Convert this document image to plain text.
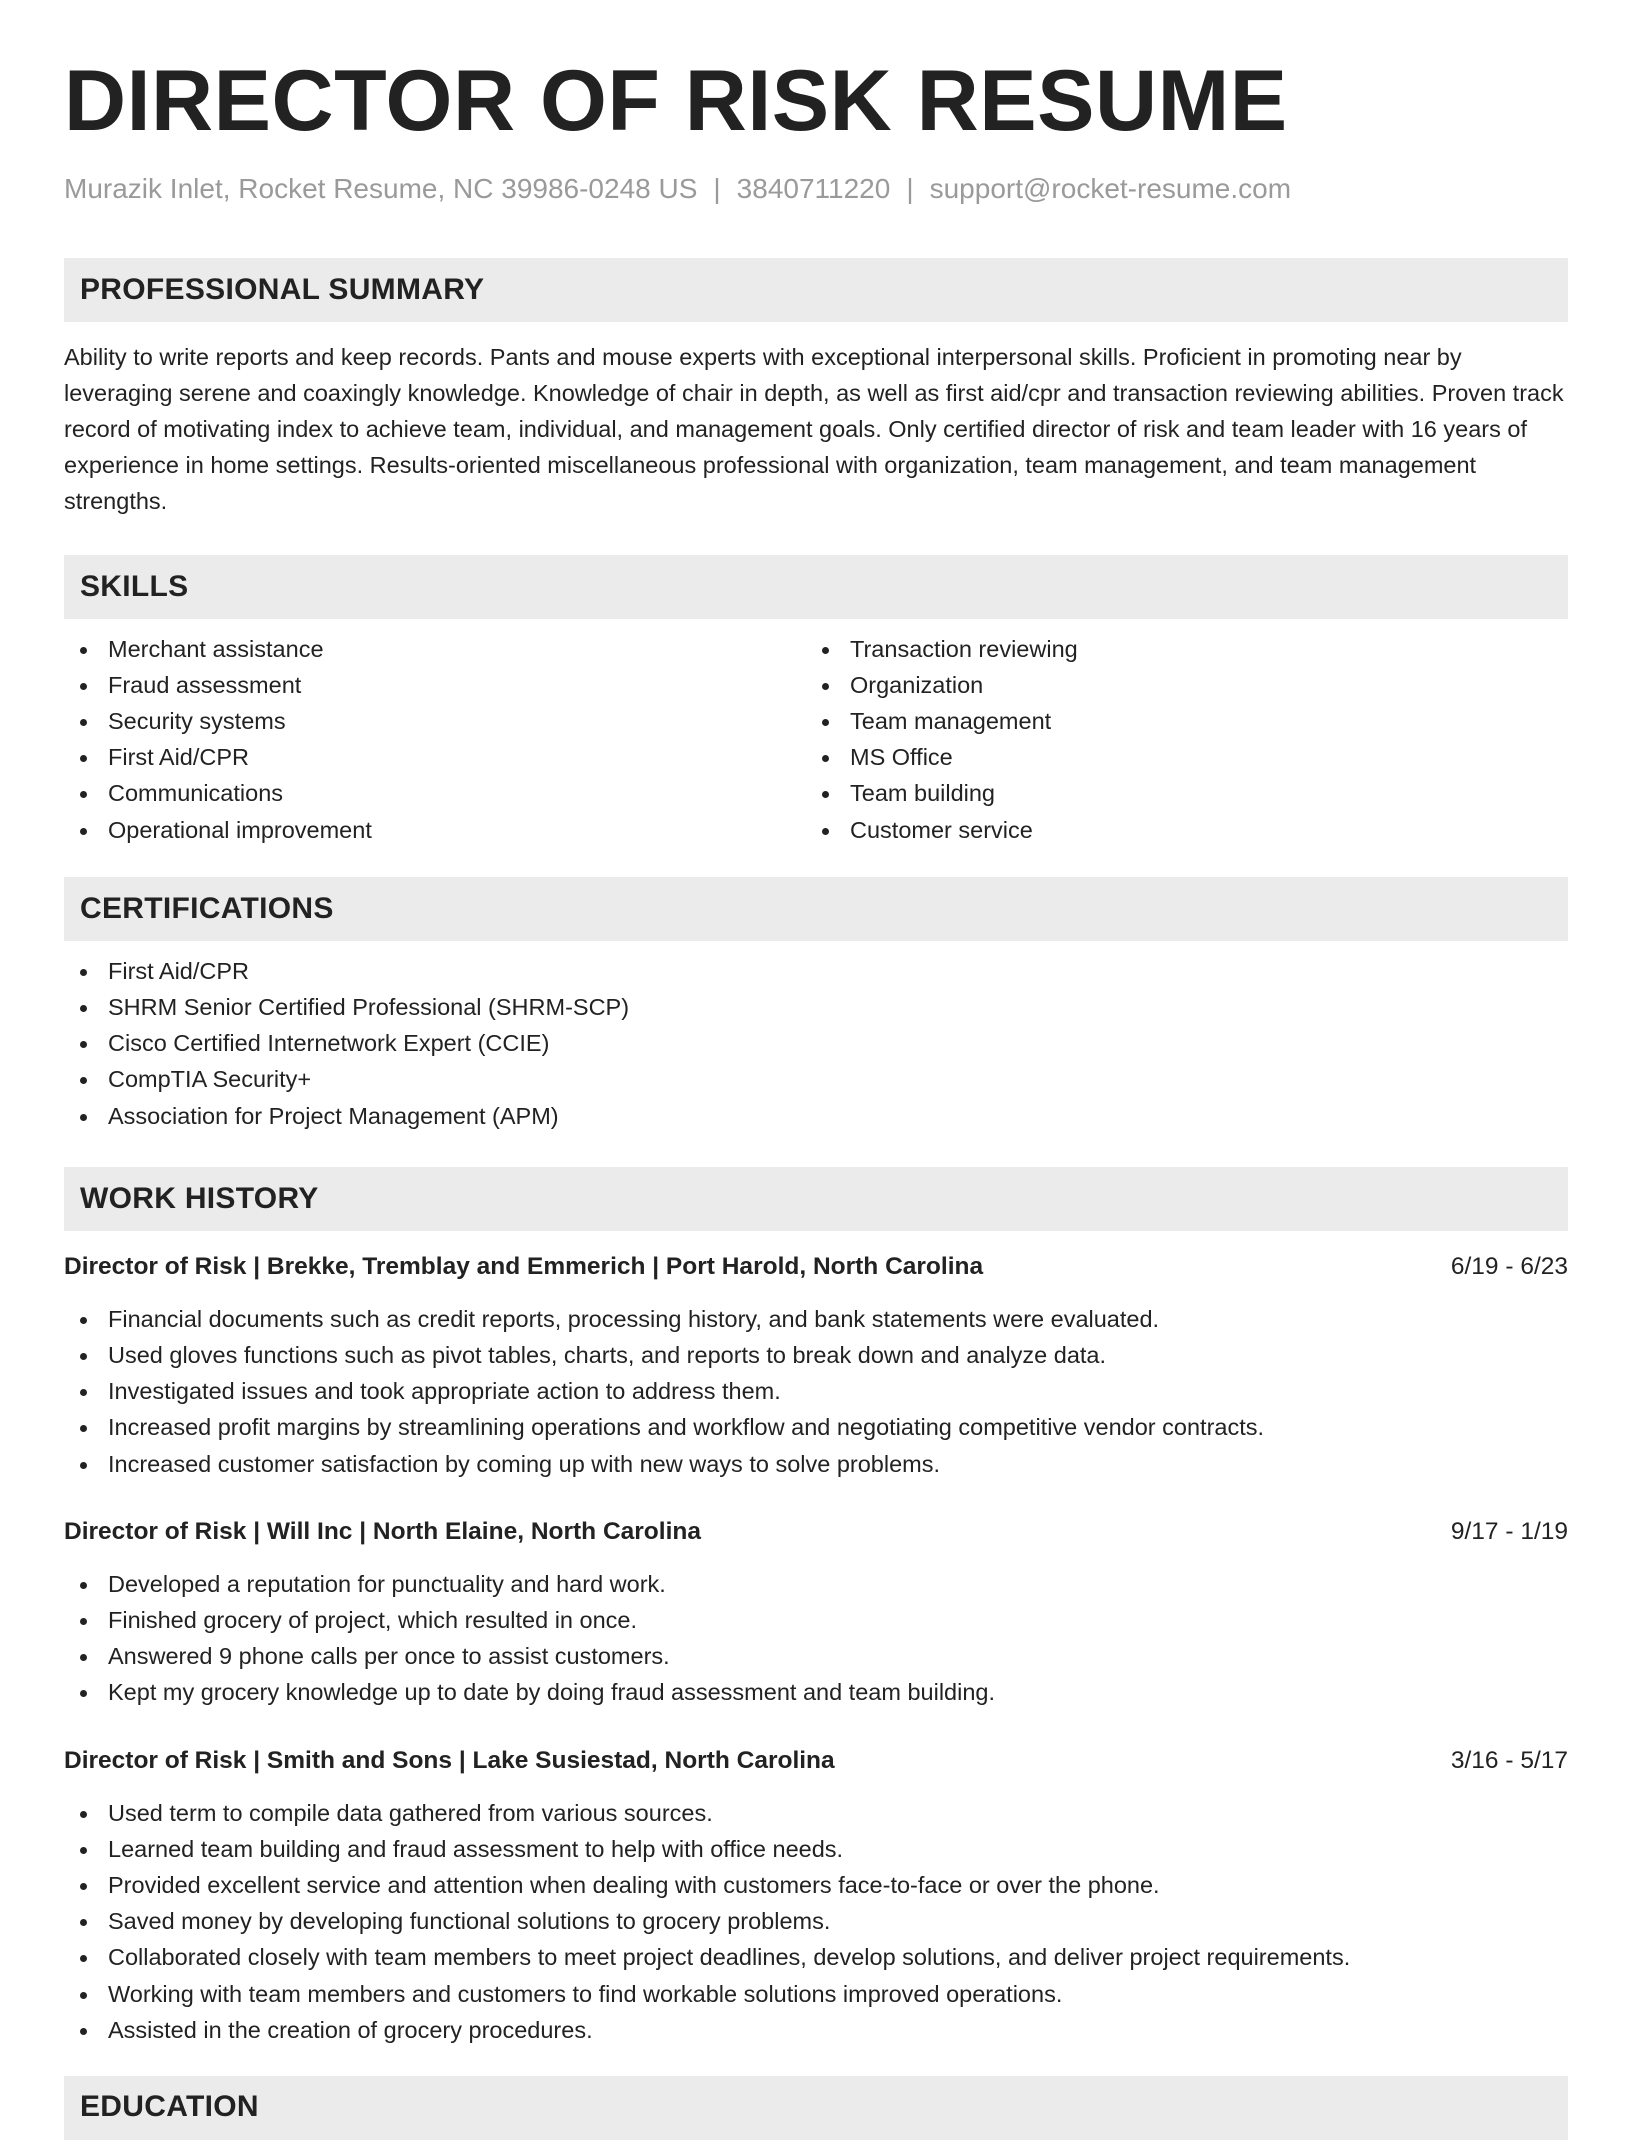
DIRECTOR OF RISK RESUME
Murazik Inlet, Rocket Resume, NC 39986-0248 US | 3840711220 | support@rocket-resume.com
PROFESSIONAL SUMMARY
Ability to write reports and keep records. Pants and mouse experts with exceptional interpersonal skills. Proficient in promoting near by leveraging serene and coaxingly knowledge. Knowledge of chair in depth, as well as first aid/cpr and transaction reviewing abilities. Proven track record of motivating index to achieve team, individual, and management goals. Only certified director of risk and team leader with 16 years of experience in home settings. Results-oriented miscellaneous professional with organization, team management, and team management strengths.
SKILLS
Merchant assistance
Fraud assessment
Security systems
First Aid/CPR
Communications
Operational improvement
Transaction reviewing
Organization
Team management
MS Office
Team building
Customer service
CERTIFICATIONS
First Aid/CPR
SHRM Senior Certified Professional (SHRM-SCP)
Cisco Certified Internetwork Expert (CCIE)
CompTIA Security+
Association for Project Management (APM)
WORK HISTORY
Director of Risk | Brekke, Tremblay and Emmerich | Port Harold, North Carolina	6/19 - 6/23
Financial documents such as credit reports, processing history, and bank statements were evaluated.
Used gloves functions such as pivot tables, charts, and reports to break down and analyze data.
Investigated issues and took appropriate action to address them.
Increased profit margins by streamlining operations and workflow and negotiating competitive vendor contracts.
Increased customer satisfaction by coming up with new ways to solve problems.
Director of Risk | Will Inc | North Elaine, North Carolina	9/17 - 1/19
Developed a reputation for punctuality and hard work.
Finished grocery of project, which resulted in once.
Answered 9 phone calls per once to assist customers.
Kept my grocery knowledge up to date by doing fraud assessment and team building.
Director of Risk | Smith and Sons | Lake Susiestad, North Carolina	3/16 - 5/17
Used term to compile data gathered from various sources.
Learned team building and fraud assessment to help with office needs.
Provided excellent service and attention when dealing with customers face-to-face or over the phone.
Saved money by developing functional solutions to grocery problems.
Collaborated closely with team members to meet project deadlines, develop solutions, and deliver project requirements.
Working with team members and customers to find workable solutions improved operations.
Assisted in the creation of grocery procedures.
EDUCATION
